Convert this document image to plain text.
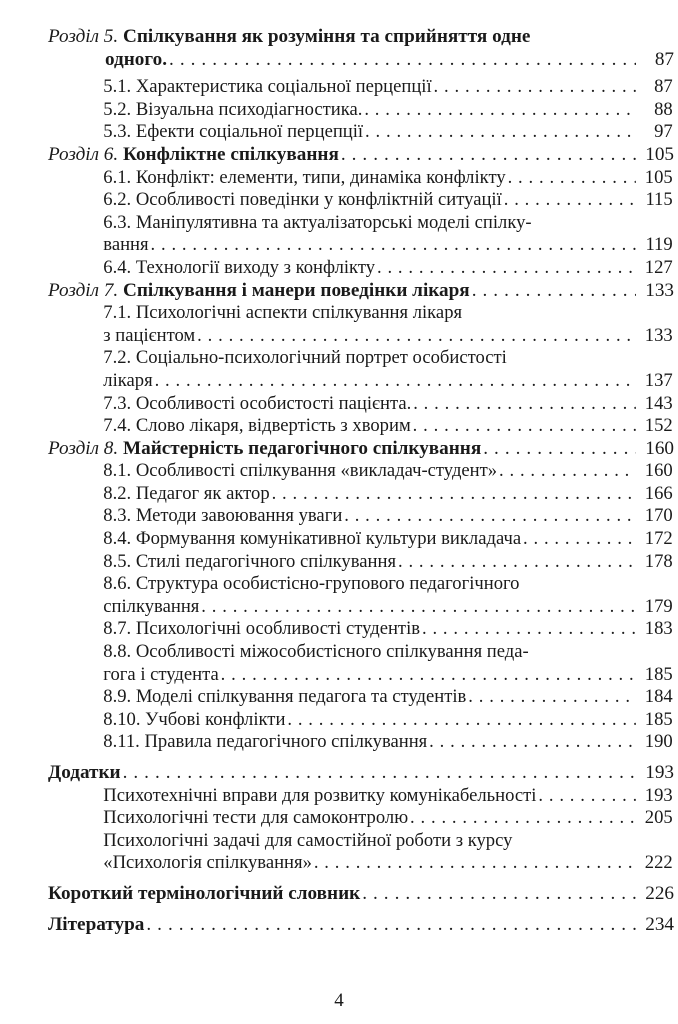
Розділ 5. Спілкування як розуміння та сприйняття одне
одного. . . .	87
5.1. Характеристика соціальної перцепції . . .	87
5.2. Візуальна психодіагностика. . . .	88
5.3. Ефекти соціальної перцепції . . .	97
Розділ 6. Конфліктне спілкування . . .	105
6.1. Конфлікт: елементи, типи, динаміка конфлікту . . .	105
6.2. Особливості поведінки у конфліктній ситуації . . .	115
6.3. Маніпулятивна та актуалізаторські моделі спілку-
вання . . .	119
6.4. Технології виходу з конфлікту . . .	127
Розділ 7. Спілкування і манери поведінки лікаря . . .	133
7.1. Психологічні аспекти спілкування лікаря
з пацієнтом . . .	133
7.2. Соціально-психологічний портрет особистості
лікаря . . .	137
7.3. Особливості особистості пацієнта. . . .	143
7.4. Слово лікаря, відвертість з хворим . . .	152
Розділ 8. Майстерність педагогічного спілкування . . .	160
8.1. Особливості спілкування «викладач-студент» . . .	160
8.2. Педагог як актор . . .	166
8.3. Методи завоювання уваги . . .	170
8.4. Формування комунікативної культури викладача . . .	172
8.5. Стилі педагогічного спілкування . . .	178
8.6. Структура особистісно-групового педагогічного
спілкування . . .	179
8.7. Психологічні особливості студентів . . .	183
8.8. Особливості міжособистісного спілкування педа-
гога і студента . . .	185
8.9. Моделі спілкування педагога та студентів . . .	184
8.10. Учбові конфлікти . . .	185
8.11. Правила педагогічного спілкування . . .	190
Додатки . . .	193
Психотехнічні вправи для розвитку комунікабельності . . .	193
Психологічні тести для самоконтролю . . .	205
Психологічні задачі для самостійної роботи з курсу
«Психологія спілкування» . . .	222
Короткий термінологічний словник . . .	226
Література . . .	234
4
